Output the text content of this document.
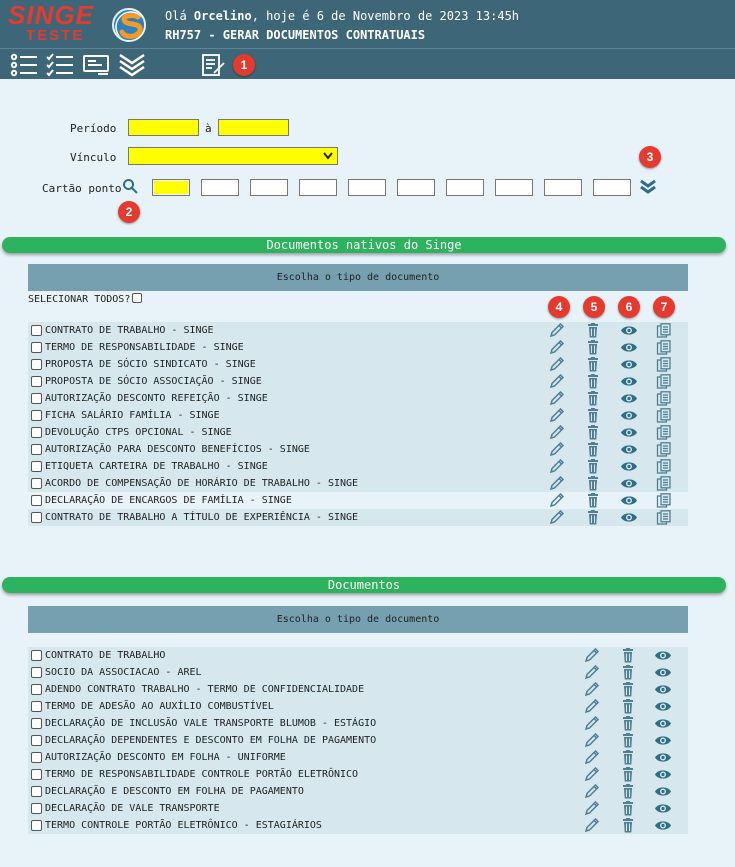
SINGE
TESTE
Olá Orcelino, hoje é 6 de Novembro de 2023 13:45h
RH757 - GERAR DOCUMENTOS CONTRATUAIS
1
Período	à
Vínculo
Cartão ponto
2
3
Documentos nativos do Singe
Escolha o tipo de documento
SELECIONAR TODOS?
4	5	6	7
CONTRATO DE TRABALHO - SINGE
TERMO DE RESPONSABILIDADE - SINGE
PROPOSTA DE SÓCIO SINDICATO - SINGE
PROPOSTA DE SÓCIO ASSOCIAÇÃO - SINGE
AUTORIZAÇÃO DESCONTO REFEIÇÃO - SINGE
FICHA SALÁRIO FAMÍLIA - SINGE
DEVOLUÇÃO CTPS OPCIONAL - SINGE
AUTORIZAÇÃO PARA DESCONTO BENEFÍCIOS - SINGE
ETIQUETA CARTEIRA DE TRABALHO - SINGE
ACORDO DE COMPENSAÇÃO DE HORÁRIO DE TRABALHO - SINGE
DECLARAÇÃO DE ENCARGOS DE FAMÍLIA - SINGE
CONTRATO DE TRABALHO A TÍTULO DE EXPERIÊNCIA - SINGE
Documentos
Escolha o tipo de documento
CONTRATO DE TRABALHO
SOCIO DA ASSOCIACAO - AREL
ADENDO CONTRATO TRABALHO - TERMO DE CONFIDENCIALIDADE
TERMO DE ADESÃO AO AUXÍLIO COMBUSTÍVEL
DECLARAÇÃO DE INCLUSÃO VALE TRANSPORTE BLUMOB - ESTÁGIO
DECLARAÇÃO DEPENDENTES E DESCONTO EM FOLHA DE PAGAMENTO
AUTORIZAÇÃO DESCONTO EM FOLHA - UNIFORME
TERMO DE RESPONSABILIDADE CONTROLE PORTÃO ELETRÔNICO
DECLARAÇÃO E DESCONTO EM FOLHA DE PAGAMENTO
DECLARAÇÃO DE VALE TRANSPORTE
TERMO CONTROLE PORTÃO ELETRÔNICO - ESTAGIÁRIOS
